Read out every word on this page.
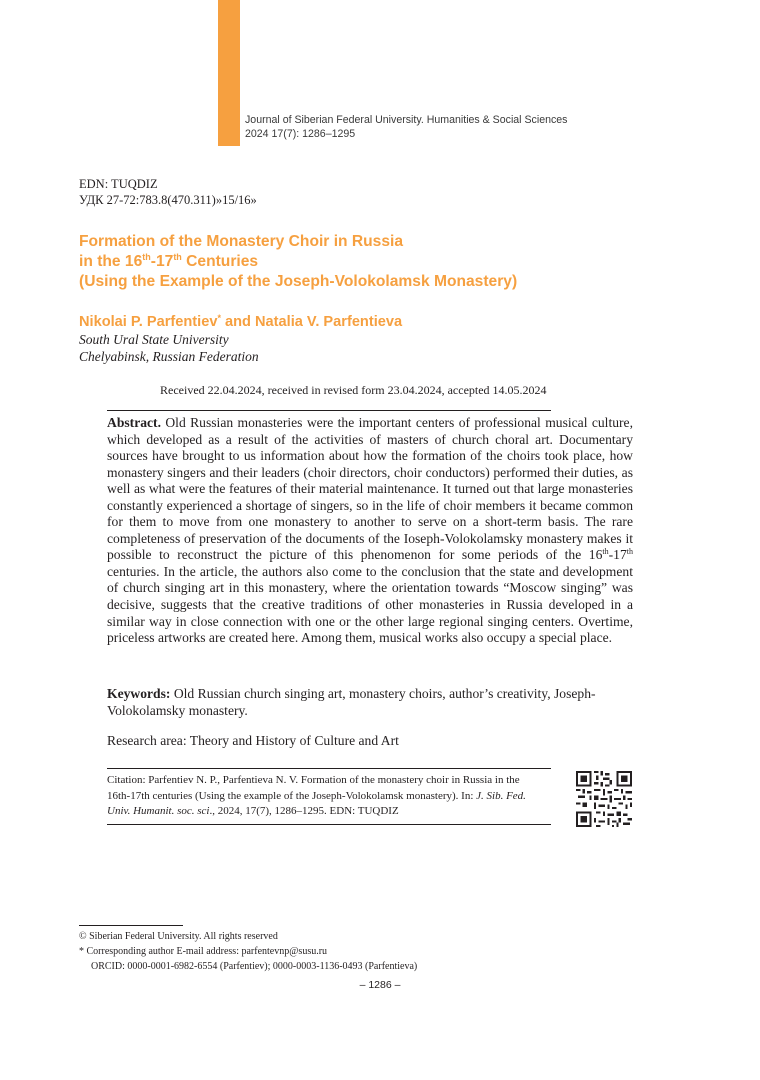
Journal of Siberian Federal University. Humanities & Social Sciences
2024 17(7): 1286–1295
EDN: TUQDIZ
УДК 27-72:783.8(470.311)»15/16»
Formation of the Monastery Choir in Russia
in the 16th-17th Centuries
(Using the Example of the Joseph-Volokolamsk Monastery)
Nikolai P. Parfentiev* and Natalia V. Parfentieva
South Ural State University
Chelyabinsk, Russian Federation
Received 22.04.2024, received in revised form 23.04.2024, accepted 14.05.2024
Abstract. Old Russian monasteries were the important centers of professional musical culture, which developed as a result of the activities of masters of church choral art. Documentary sources have brought to us information about how the formation of the choirs took place, how monastery singers and their leaders (choir directors, choir conductors) performed their duties, as well as what were the features of their material maintenance. It turned out that large monasteries constantly experienced a shortage of singers, so in the life of choir members it became common for them to move from one monastery to another to serve on a short-term basis. The rare completeness of preservation of the documents of the Ioseph-Volokolamsky monastery makes it possible to reconstruct the picture of this phenomenon for some periods of the 16th-17th centuries. In the article, the authors also come to the conclusion that the state and development of church singing art in this monastery, where the orientation towards “Moscow singing” was decisive, suggests that the creative traditions of other monasteries in Russia developed in a similar way in close connection with one or the other large regional singing centers. Overtime, priceless artworks are created here. Among them, musical works also occupy a special place.
Keywords: Old Russian church singing art, monastery choirs, author’s creativity, Joseph-Volokolamsky monastery.
Research area: Theory and History of Culture and Art
Citation: Parfentiev N. P., Parfentieva N. V. Formation of the monastery choir in Russia in the 16th-17th centuries (Using the example of the Joseph-Volokolamsk monastery). In: J. Sib. Fed. Univ. Humanit. soc. sci., 2024, 17(7), 1286–1295. EDN: TUQDIZ
© Siberian Federal University. All rights reserved
* Corresponding author E-mail address: parfentevnp@susu.ru
ORCID: 0000-0001-6982-6554 (Parfentiev); 0000-0003-1136-0493 (Parfentieva)
– 1286 –
